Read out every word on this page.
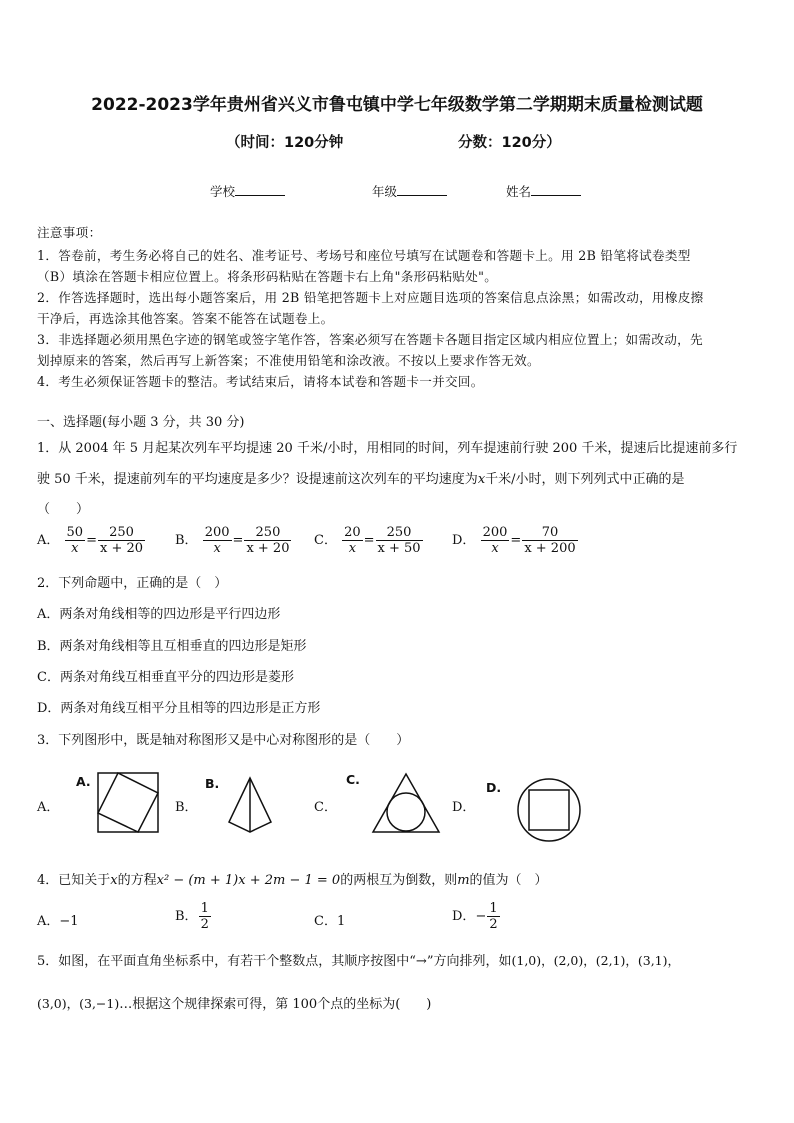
2022-2023学年贵州省兴义市鲁屯镇中学七年级数学第二学期期末质量检测试题
（时间：120分钟	分数：120分）
学校	年级	姓名
注意事项：
1．答卷前，考生务必将自己的姓名、准考证号、考场号和座位号填写在试题卷和答题卡上。用 2B 铅笔将试卷类型
（B）填涂在答题卡相应位置上。将条形码粘贴在答题卡右上角"条形码粘贴处"。
2．作答选择题时，选出每小题答案后，用 2B 铅笔把答题卡上对应题目选项的答案信息点涂黑；如需改动，用橡皮擦
干净后，再选涂其他答案。答案不能答在试题卷上。
3．非选择题必须用黑色字迹的钢笔或签字笔作答，答案必须写在答题卡各题目指定区域内相应位置上；如需改动，先
划掉原来的答案，然后再写上新答案；不准使用铅笔和涂改液。不按以上要求作答无效。
4．考生必须保证答题卡的整洁。考试结束后，请将本试卷和答题卡一并交回。
一、选择题(每小题 3 分，共 30 分)
1．从 2004 年 5 月起某次列车平均提速 20 千米/小时，用相同的时间，列车提速前行驶 200 千米，提速后比提速前多行
驶 50 千米，提速前列车的平均速度是多少？设提速前这次列车的平均速度为x千米/小时，则下列列式中正确的是
（　　）
A． $\frac{50}{x} = \frac{250}{x + 20}$ B． $\frac{200}{x} = \frac{250}{x + 20}$ C． $\frac{20}{x} = \frac{250}{x + 50}$ D． $\frac{200}{x} = \frac{70}{x + 200}$
2．下列命题中，正确的是（　）
A．两条对角线相等的四边形是平行四边形
B．两条对角线相等且互相垂直的四边形是矩形
C．两条对角线互相垂直平分的四边形是菱形
D．两条对角线互相平分且相等的四边形是正方形
3．下列图形中，既是轴对称图形又是中心对称图形的是（　　）
A．	B．	C．	D．
A.	B.	C.
D.
4．已知关于x的方程x² − (m + 1)x + 2m − 1 = 0的两根互为倒数，则m的值为（　）
A．−1	B． $\frac{1}{2}$	C．1	D．− $\frac{1}{2}$
5．如图，在平面直角坐标系中，有若干个整数点，其顺序按图中“→”方向排列，如(1,0)，(2,0)，(2,1)，(3,1)，
(3,0)，(3,−1)…根据这个规律探索可得，第 100个点的坐标为(　　)
